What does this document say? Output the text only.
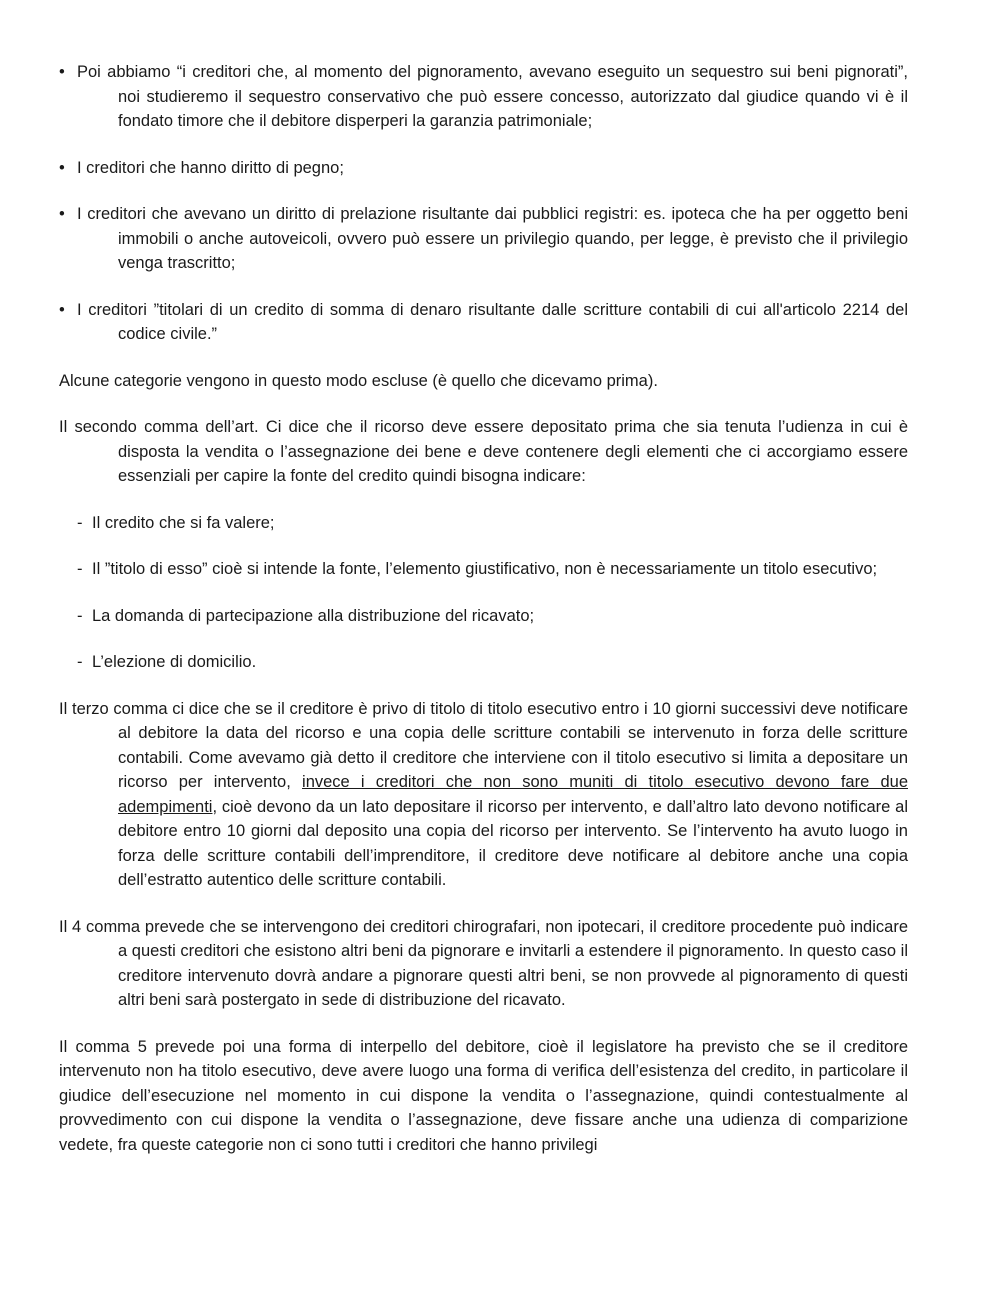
• Poi abbiamo “i creditori che, al momento del pignoramento, avevano eseguito un sequestro sui beni pignorati”, noi studieremo il sequestro conservativo che può essere concesso, autorizzato dal giudice quando vi è il fondato timore che il debitore disperperi la garanzia patrimoniale;

• I creditori che hanno diritto di pegno;

• I creditori che avevano un diritto di prelazione risultante dai pubblici registri: es. ipoteca che ha per oggetto beni immobili o anche autoveicoli, ovvero può essere un privilegio quando, per legge, è previsto che il privilegio venga trascritto;

• I creditori ”titolari di un credito di somma di denaro risultante dalle scritture contabili di cui all'articolo 2214 del codice civile.”

Alcune categorie vengono in questo modo escluse (è quello che dicevamo prima).

Il secondo comma dell’art. Ci dice che il ricorso deve essere depositato prima che sia tenuta l’udienza in cui è disposta la vendita o l’assegnazione dei bene e deve contenere degli elementi che ci accorgiamo essere essenziali per capire la fonte del credito quindi bisogna indicare:

- Il credito che si fa valere;

- Il ”titolo di esso” cioè si intende la fonte, l’elemento giustificativo, non è necessariamente un titolo esecutivo;

- La domanda di partecipazione alla distribuzione del ricavato;

- L’elezione di domicilio.

Il terzo comma ci dice che se il creditore è privo di titolo di titolo esecutivo entro i 10 giorni successivi deve notificare al debitore la data del ricorso e una copia delle scritture contabili se intervenuto in forza delle scritture contabili. Come avevamo già detto il creditore che interviene con il titolo esecutivo si limita a depositare un ricorso per intervento, invece i creditori che non sono muniti di titolo esecutivo devono fare due adempimenti, cioè devono da un lato depositare il ricorso per intervento, e dall’altro lato devono notificare al debitore entro 10 giorni dal deposito una copia del ricorso per intervento. Se l’intervento ha avuto luogo in forza delle scritture contabili dell’imprenditore, il creditore deve notificare al debitore anche una copia dell’estratto autentico delle scritture contabili.

Il 4 comma prevede che se intervengono dei creditori chirografari, non ipotecari, il creditore procedente può indicare a questi creditori che esistono altri beni da pignorare e invitarli a estendere il pignoramento. In questo caso il creditore intervenuto dovrà andare a pignorare questi altri beni, se non provvede al pignoramento di questi altri beni sarà postergato in sede di distribuzione del ricavato.

Il comma 5 prevede poi una forma di interpello del debitore, cioè il legislatore ha previsto che se il creditore intervenuto non ha titolo esecutivo, deve avere luogo una forma di verifica dell’esistenza del credito, in particolare il giudice dell’esecuzione nel momento in cui dispone la vendita o l’assegnazione, quindi contestualmente al provvedimento con cui dispone la vendita o l’assegnazione, deve fissare anche una udienza di comparizione vedete, fra queste categorie non ci sono tutti i creditori che hanno privilegi
